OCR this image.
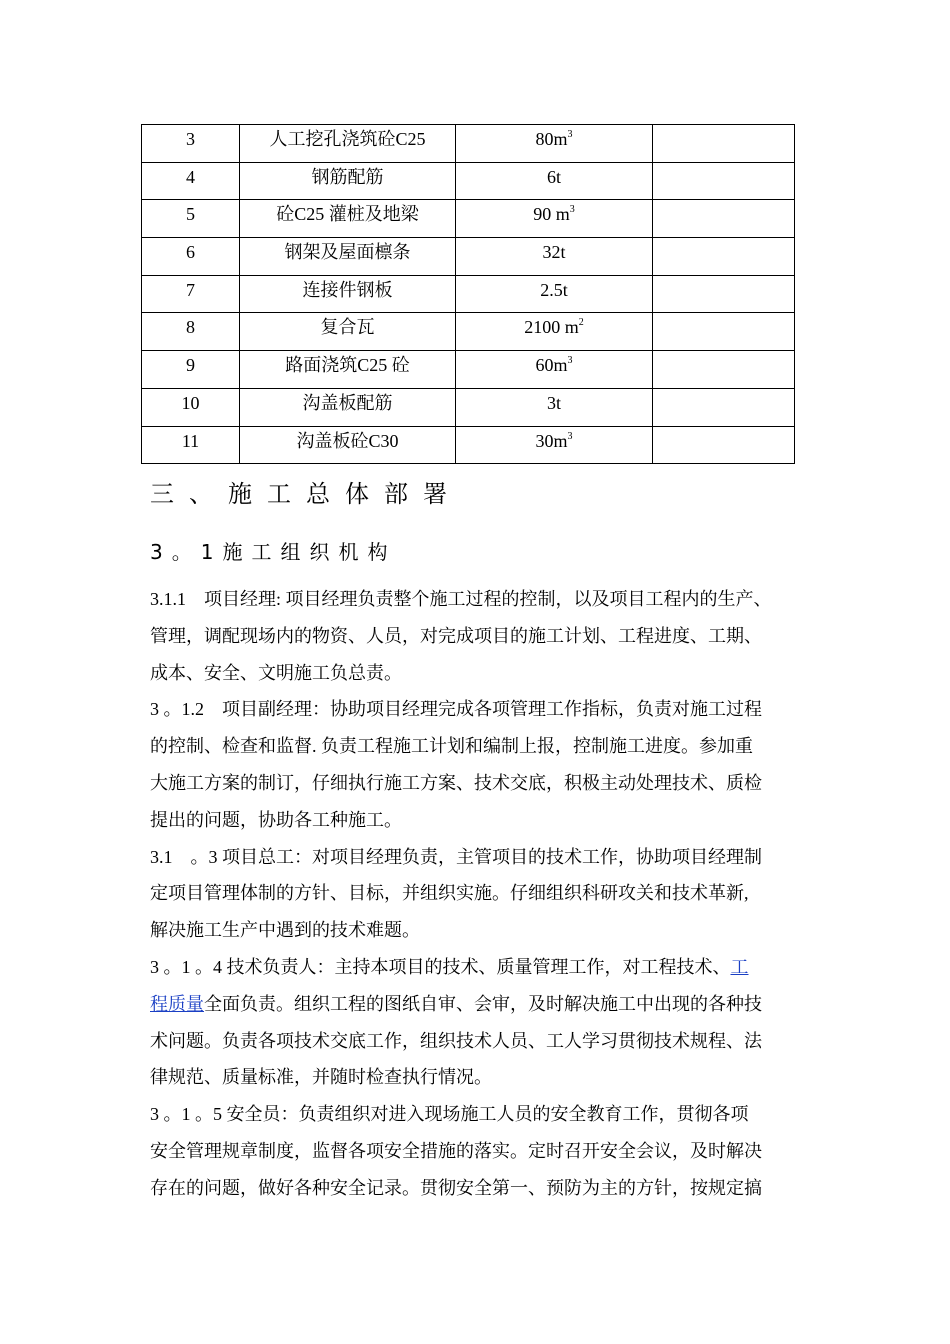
3	人工挖孔浇筑砼C25	$80m^3$	
4	钢筋配筋	6t	
5	砼C25 灌桩及地梁	90 $m^3$	
6	钢架及屋面檩条	32t	
7	连接件钢板	2.5t	
8	复合瓦	2100 $m^2$	
9	路面浇筑C25 砼	$60m^3$	
10	沟盖板配筋	3t	
11	沟盖板砼C30	$30m^3$	
三、施工总体部署
3。1施工组织机构
3.1.1　项目经理: 项目经理负责整个施工过程的控制，以及项目工程内的生产、
管理，调配现场内的物资、人员，对完成项目的施工计划、工程进度、工期、
成本、安全、文明施工负总责。
3 。1.2　项目副经理：协助项目经理完成各项管理工作指标，负责对施工过程
的控制、检查和监督. 负责工程施工计划和编制上报，控制施工进度。参加重
大施工方案的制订，仔细执行施工方案、技术交底，积极主动处理技术、质检
提出的问题，协助各工种施工。
3.1　。3 项目总工：对项目经理负责，主管项目的技术工作，协助项目经理制
定项目管理体制的方针、目标，并组织实施。仔细组织科研攻关和技术革新,
解决施工生产中遇到的技术难题。
3 。1 。4 技术负责人：主持本项目的技术、质量管理工作，对工程技术、工
程质量全面负责。组织工程的图纸自审、会审，及时解决施工中出现的各种技
术问题。负责各项技术交底工作，组织技术人员、工人学习贯彻技术规程、法
律规范、质量标准，并随时检查执行情况。
3 。1 。5 安全员：负责组织对进入现场施工人员的安全教育工作，贯彻各项
安全管理规章制度，监督各项安全措施的落实。定时召开安全会议，及时解决
存在的问题，做好各种安全记录。贯彻安全第一、预防为主的方针，按规定搞
